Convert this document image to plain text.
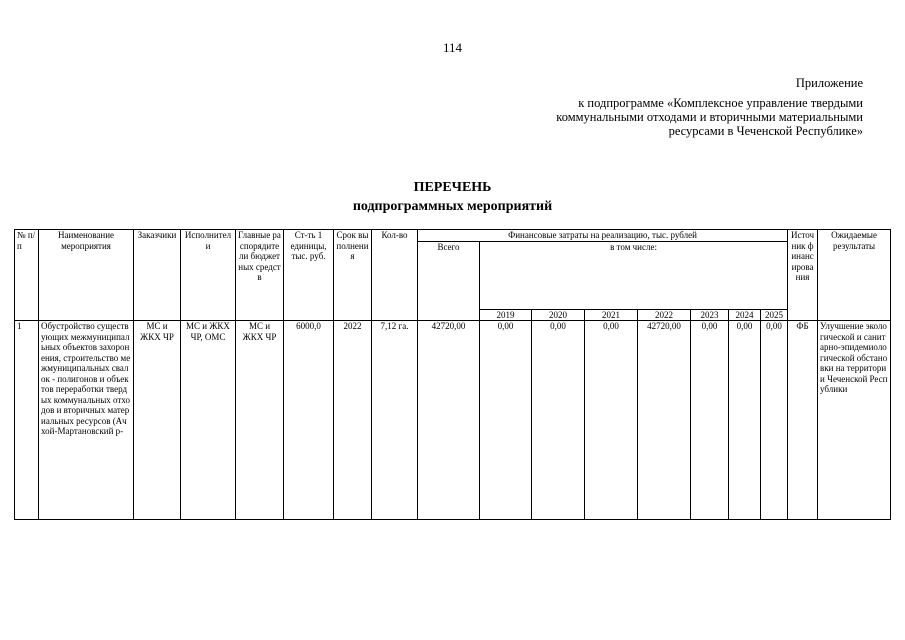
114
Приложение
к подпрограмме «Комплексное управление твердыми
коммунальными отходами и вторичными материальными
ресурсами в Чеченской Республике»
ПЕРЕЧЕНЬ
подпрограммных мероприятий
№ п/п	Наименование мероприятия	Заказчики	Исполнители	Главные распорядители бюджетных средств	Ст-ть 1 единицы, тыс. руб.	Срок выполнения	Кол-во	Финансовые затраты на реализацию, тыс. рублей								Источник финансирования	Ожидаемые результаты
								Всего	в том числе:								
									2019	2020	2021	2022	2023	2024	2025		
1	Обустройство существующих межмуниципальных объектов захоронения, строительство межмуниципальных свалок - полигонов и объектов переработки твердых коммунальных отходов и вторичных материальных ресурсов (Ачхой-Мартановский р-	МС и ЖКХ ЧР	МС и ЖКХ ЧР, ОМС	МС и ЖКХ ЧР	6000,0	2022	7,12 га.	42720,00	0,00	0,00	0,00	42720,00	0,00	0,00	0,00	ФБ	Улучшение экологической и санитарно-эпидемиологической обстановки на территории Чеченской Республики
